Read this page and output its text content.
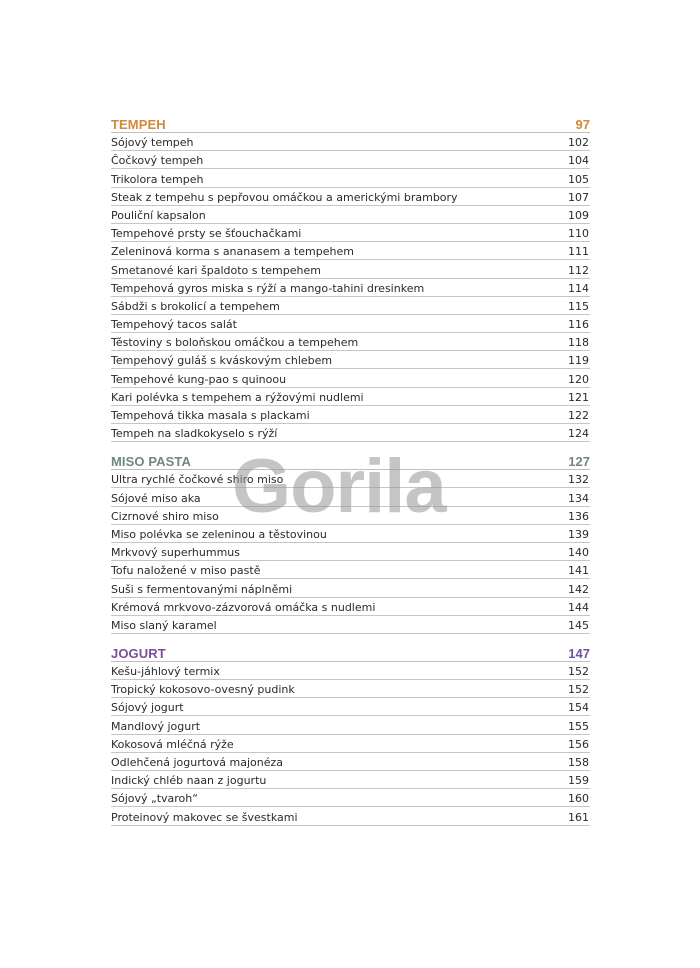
TEMPEH	97
Sójový tempeh	102
Čočkový tempeh	104
Trikolora tempeh	105
Steak z tempehu s pepřovou omáčkou a americkými brambory	107
Pouliční kapsalon	109
Tempehové prsty se šťouchačkami	110
Zeleninová korma s ananasem a tempehem	111
Smetanové kari špaldoto s tempehem	112
Tempehová gyros miska s rýží a mango-tahini dresinkem	114
Sábdži s brokolicí a tempehem	115
Tempehový tacos salát	116
Těstoviny s boloňskou omáčkou a tempehem	118
Tempehový guláš s kváskovým chlebem	119
Tempehové kung-pao s quinoou	120
Kari polévka s tempehem a rýžovými nudlemi	121
Tempehová tikka masala s plackami	122
Tempeh na sladkokyselo s rýží	124
MISO PASTA	127
Ultra rychlé čočkové shiro miso	132
Sójové miso aka	134
Cizrnové shiro miso	136
Miso polévka se zeleninou a těstovinou	139
Mrkvový superhummus	140
Tofu naložené v miso pastě	141
Suši s fermentovanými náplněmi	142
Krémová mrkvovo-zázvorová omáčka s nudlemi	144
Miso slaný karamel	145
JOGURT	147
Kešu-jáhlový termix	152
Tropický kokosovo-ovesný pudink	152
Sójový jogurt	154
Mandlový jogurt	155
Kokosová mléčná rýže	156
Odlehčená jogurtová majonéza	158
Indický chléb naan z jogurtu	159
Sójový „tvaroh“	160
Proteinový makovec se švestkami	161
Gorila
